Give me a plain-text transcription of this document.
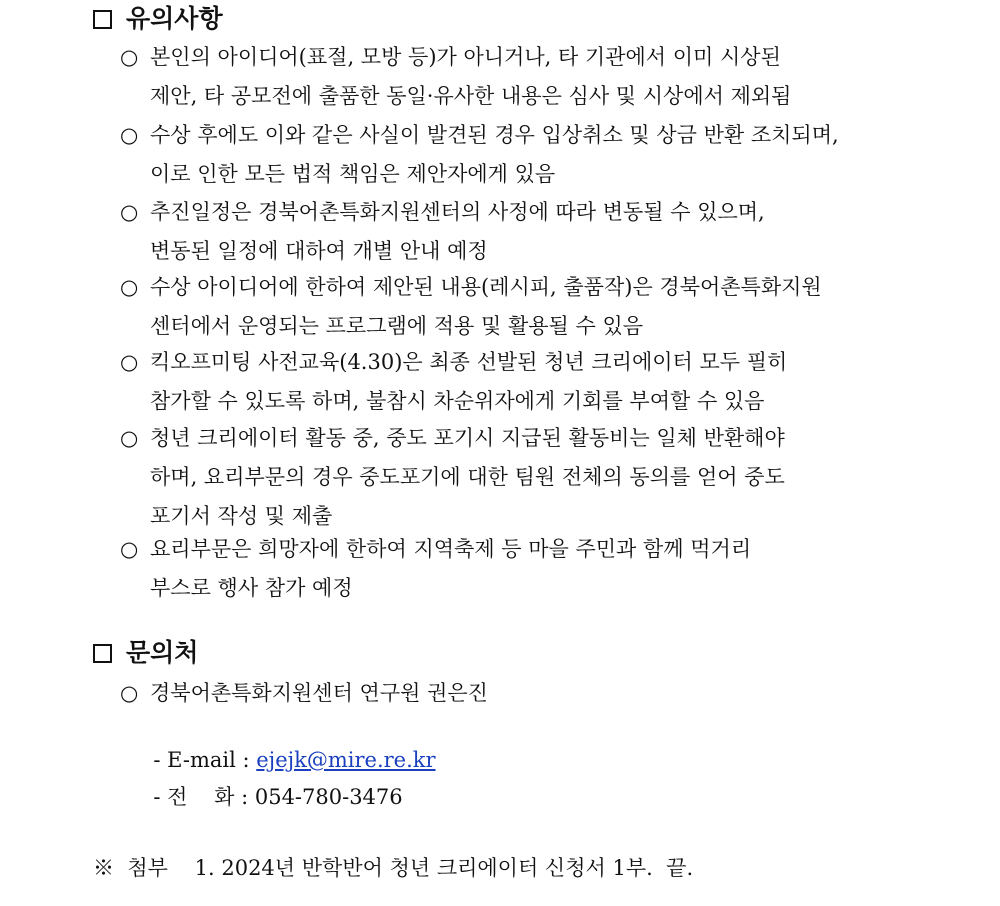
유의사항
○ 본인의 아이디어(표절, 모방 등)가 아니거나, 타 기관에서 이미 시상된
제안, 타 공모전에 출품한 동일·유사한 내용은 심사 및 시상에서 제외됨
○ 수상 후에도 이와 같은 사실이 발견된 경우 입상취소 및 상금 반환 조치되며,
이로 인한 모든 법적 책임은 제안자에게 있음
○ 추진일정은 경북어촌특화지원센터의 사정에 따라 변동될 수 있으며,
변동된 일정에 대하여 개별 안내 예정
○ 수상 아이디어에 한하여 제안된 내용(레시피, 출품작)은 경북어촌특화지원
센터에서 운영되는 프로그램에 적용 및 활용될 수 있음
○ 킥오프미팅 사전교육(4.30)은 최종 선발된 청년 크리에이터 모두 필히
참가할 수 있도록 하며, 불참시 차순위자에게 기회를 부여할 수 있음
○ 청년 크리에이터 활동 중, 중도 포기시 지급된 활동비는 일체 반환해야
하며, 요리부문의 경우 중도포기에 대한 팀원 전체의 동의를 얻어 중도
포기서 작성 및 제출
○ 요리부문은 희망자에 한하여 지역축제 등 마을 주민과 함께 먹거리
부스로 행사 참가 예정
문의처
○ 경북어촌특화지원센터 연구원 권은진

- E-mail : ejejk@mire.re.kr

- 전    화 : 054-780-3476

※ 첨부 1. 2024년 반학반어 청년 크리에이터 신청서 1부. 끝.
